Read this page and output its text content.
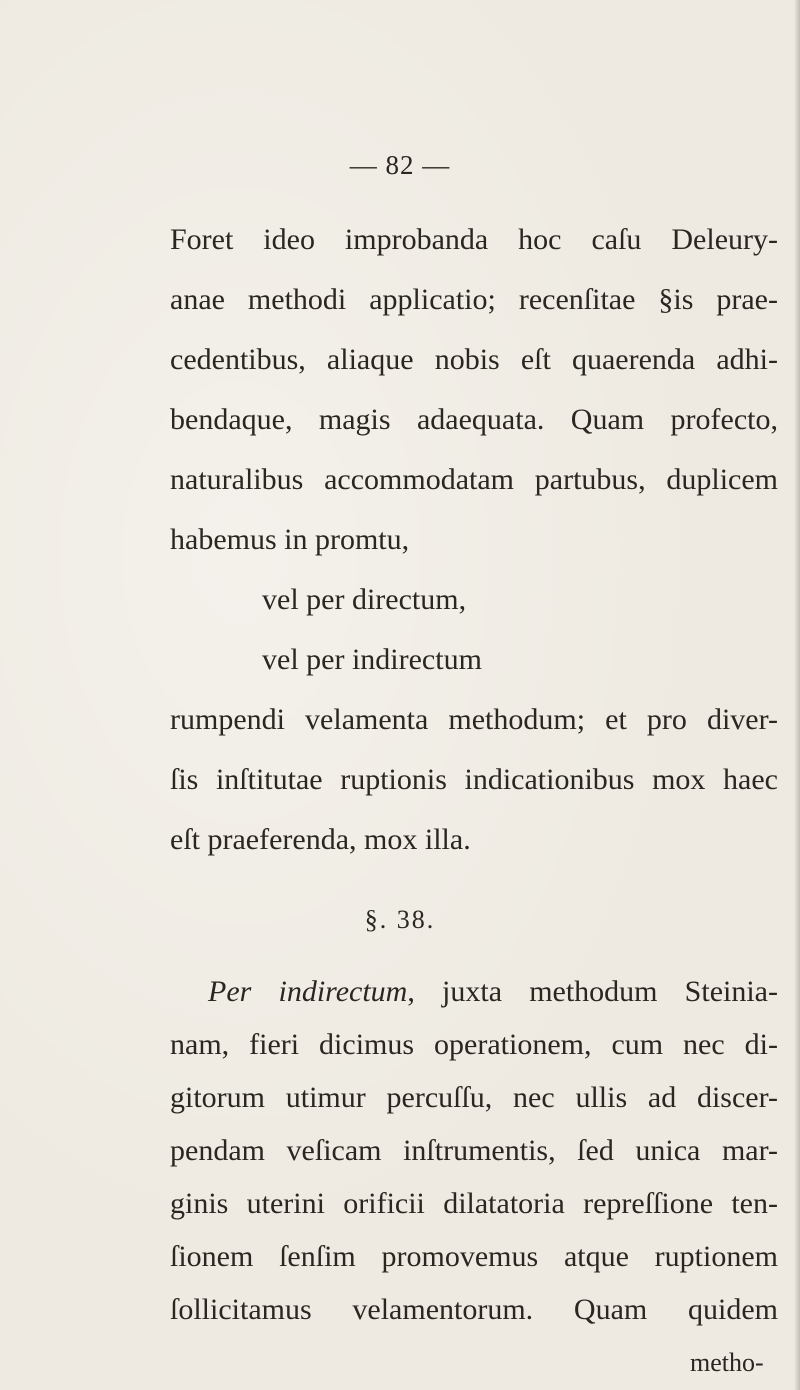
— 82 —
Foret ideo improbanda hoc caſu Deleury-
anae methodi applicatio; recenſitae §is prae-
cedentibus, aliaque nobis eſt quaerenda adhi-
bendaque, magis adaequata. Quam profecto,
naturalibus accommodatam partubus, duplicem
habemus in promtu,
vel per directum,
vel per indirectum
rumpendi velamenta methodum; et pro diver-
ſis inſtitutae ruptionis indicationibus mox haec
eſt praeferenda, mox illa.
§. 38.
Per indirectum, juxta methodum Steinia-
nam, fieri dicimus operationem, cum nec di-
gitorum utimur percuſſu, nec ullis ad discer-
pendam veſicam inſtrumentis, ſed unica mar-
ginis uterini orificii dilatatoria repreſſione ten-
ſionem ſenſim promovemus atque ruptionem
ſollicitamus velamentorum. Quam quidem
metho-
